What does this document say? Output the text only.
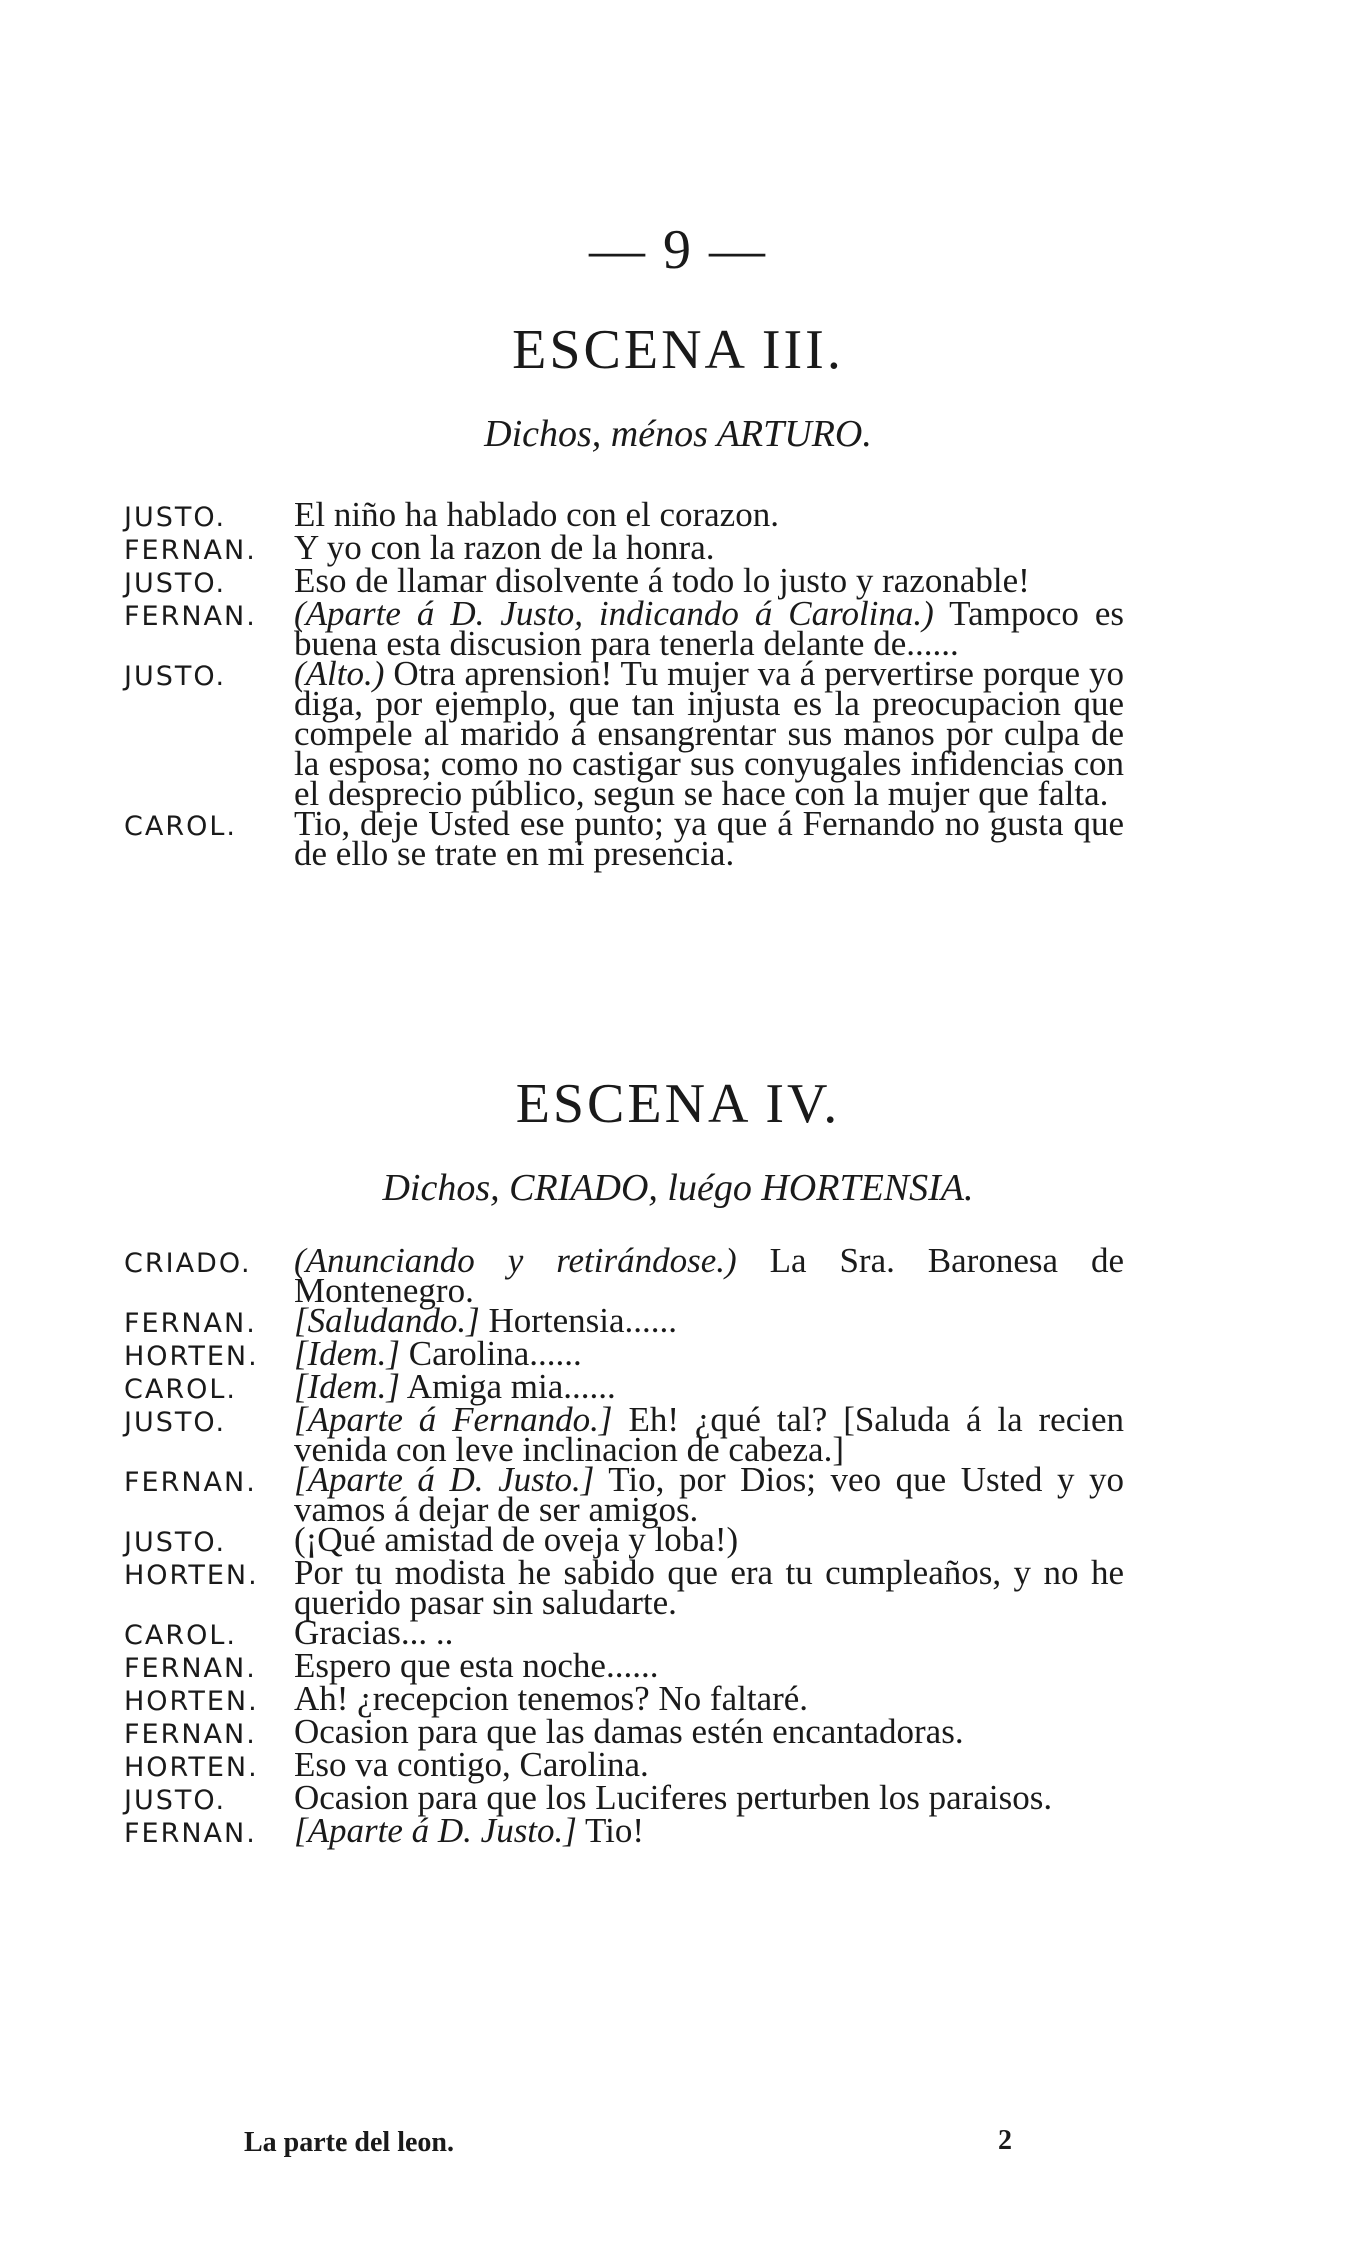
— 9 —
ESCENA III.
Dichos, ménos ARTURO.
JUSTO.	El niño ha hablado con el corazon.
FERNAN.	Y yo con la razon de la honra.
JUSTO.	Eso de llamar disolvente á todo lo justo y razonable!
FERNAN.	(Aparte á D. Justo, indicando á Carolina.) Tampoco es buena esta discusion para tenerla delante de......
JUSTO.	(Alto.) Otra aprension! Tu mujer va á pervertirse porque yo diga, por ejemplo, que tan injusta es la preocupacion que compele al marido á ensangrentar sus manos por culpa de la esposa; como no castigar sus conyugales infidencias con el desprecio público, segun se hace con la mujer que falta.
CAROL.	Tio, deje Usted ese punto; ya que á Fernando no gusta que de ello se trate en mi presencia.
ESCENA IV.
Dichos, CRIADO, luégo HORTENSIA.
CRIADO.	(Anunciando y retirándose.) La Sra. Baronesa de Montenegro.
FERNAN.	[Saludando.] Hortensia......
HORTEN.	[Idem.] Carolina......
CAROL.	[Idem.] Amiga mia......
JUSTO.	[Aparte á Fernando.] Eh! ¿qué tal? [Saluda á la recien venida con leve inclinacion de cabeza.]
FERNAN.	[Aparte á D. Justo.] Tio, por Dios; veo que Usted y yo vamos á dejar de ser amigos.
JUSTO.	(¡Qué amistad de oveja y loba!)
HORTEN.	Por tu modista he sabido que era tu cumpleaños, y no he querido pasar sin saludarte.
CAROL.	Gracias... ..
FERNAN.	Espero que esta noche......
HORTEN.	Ah! ¿recepcion tenemos? No faltaré.
FERNAN.	Ocasion para que las damas estén encantadoras.
HORTEN.	Eso va contigo, Carolina.
JUSTO.	Ocasion para que los Luciferes perturben los paraisos.
FERNAN.	[Aparte á D. Justo.] Tio!
La parte del leon.	2
